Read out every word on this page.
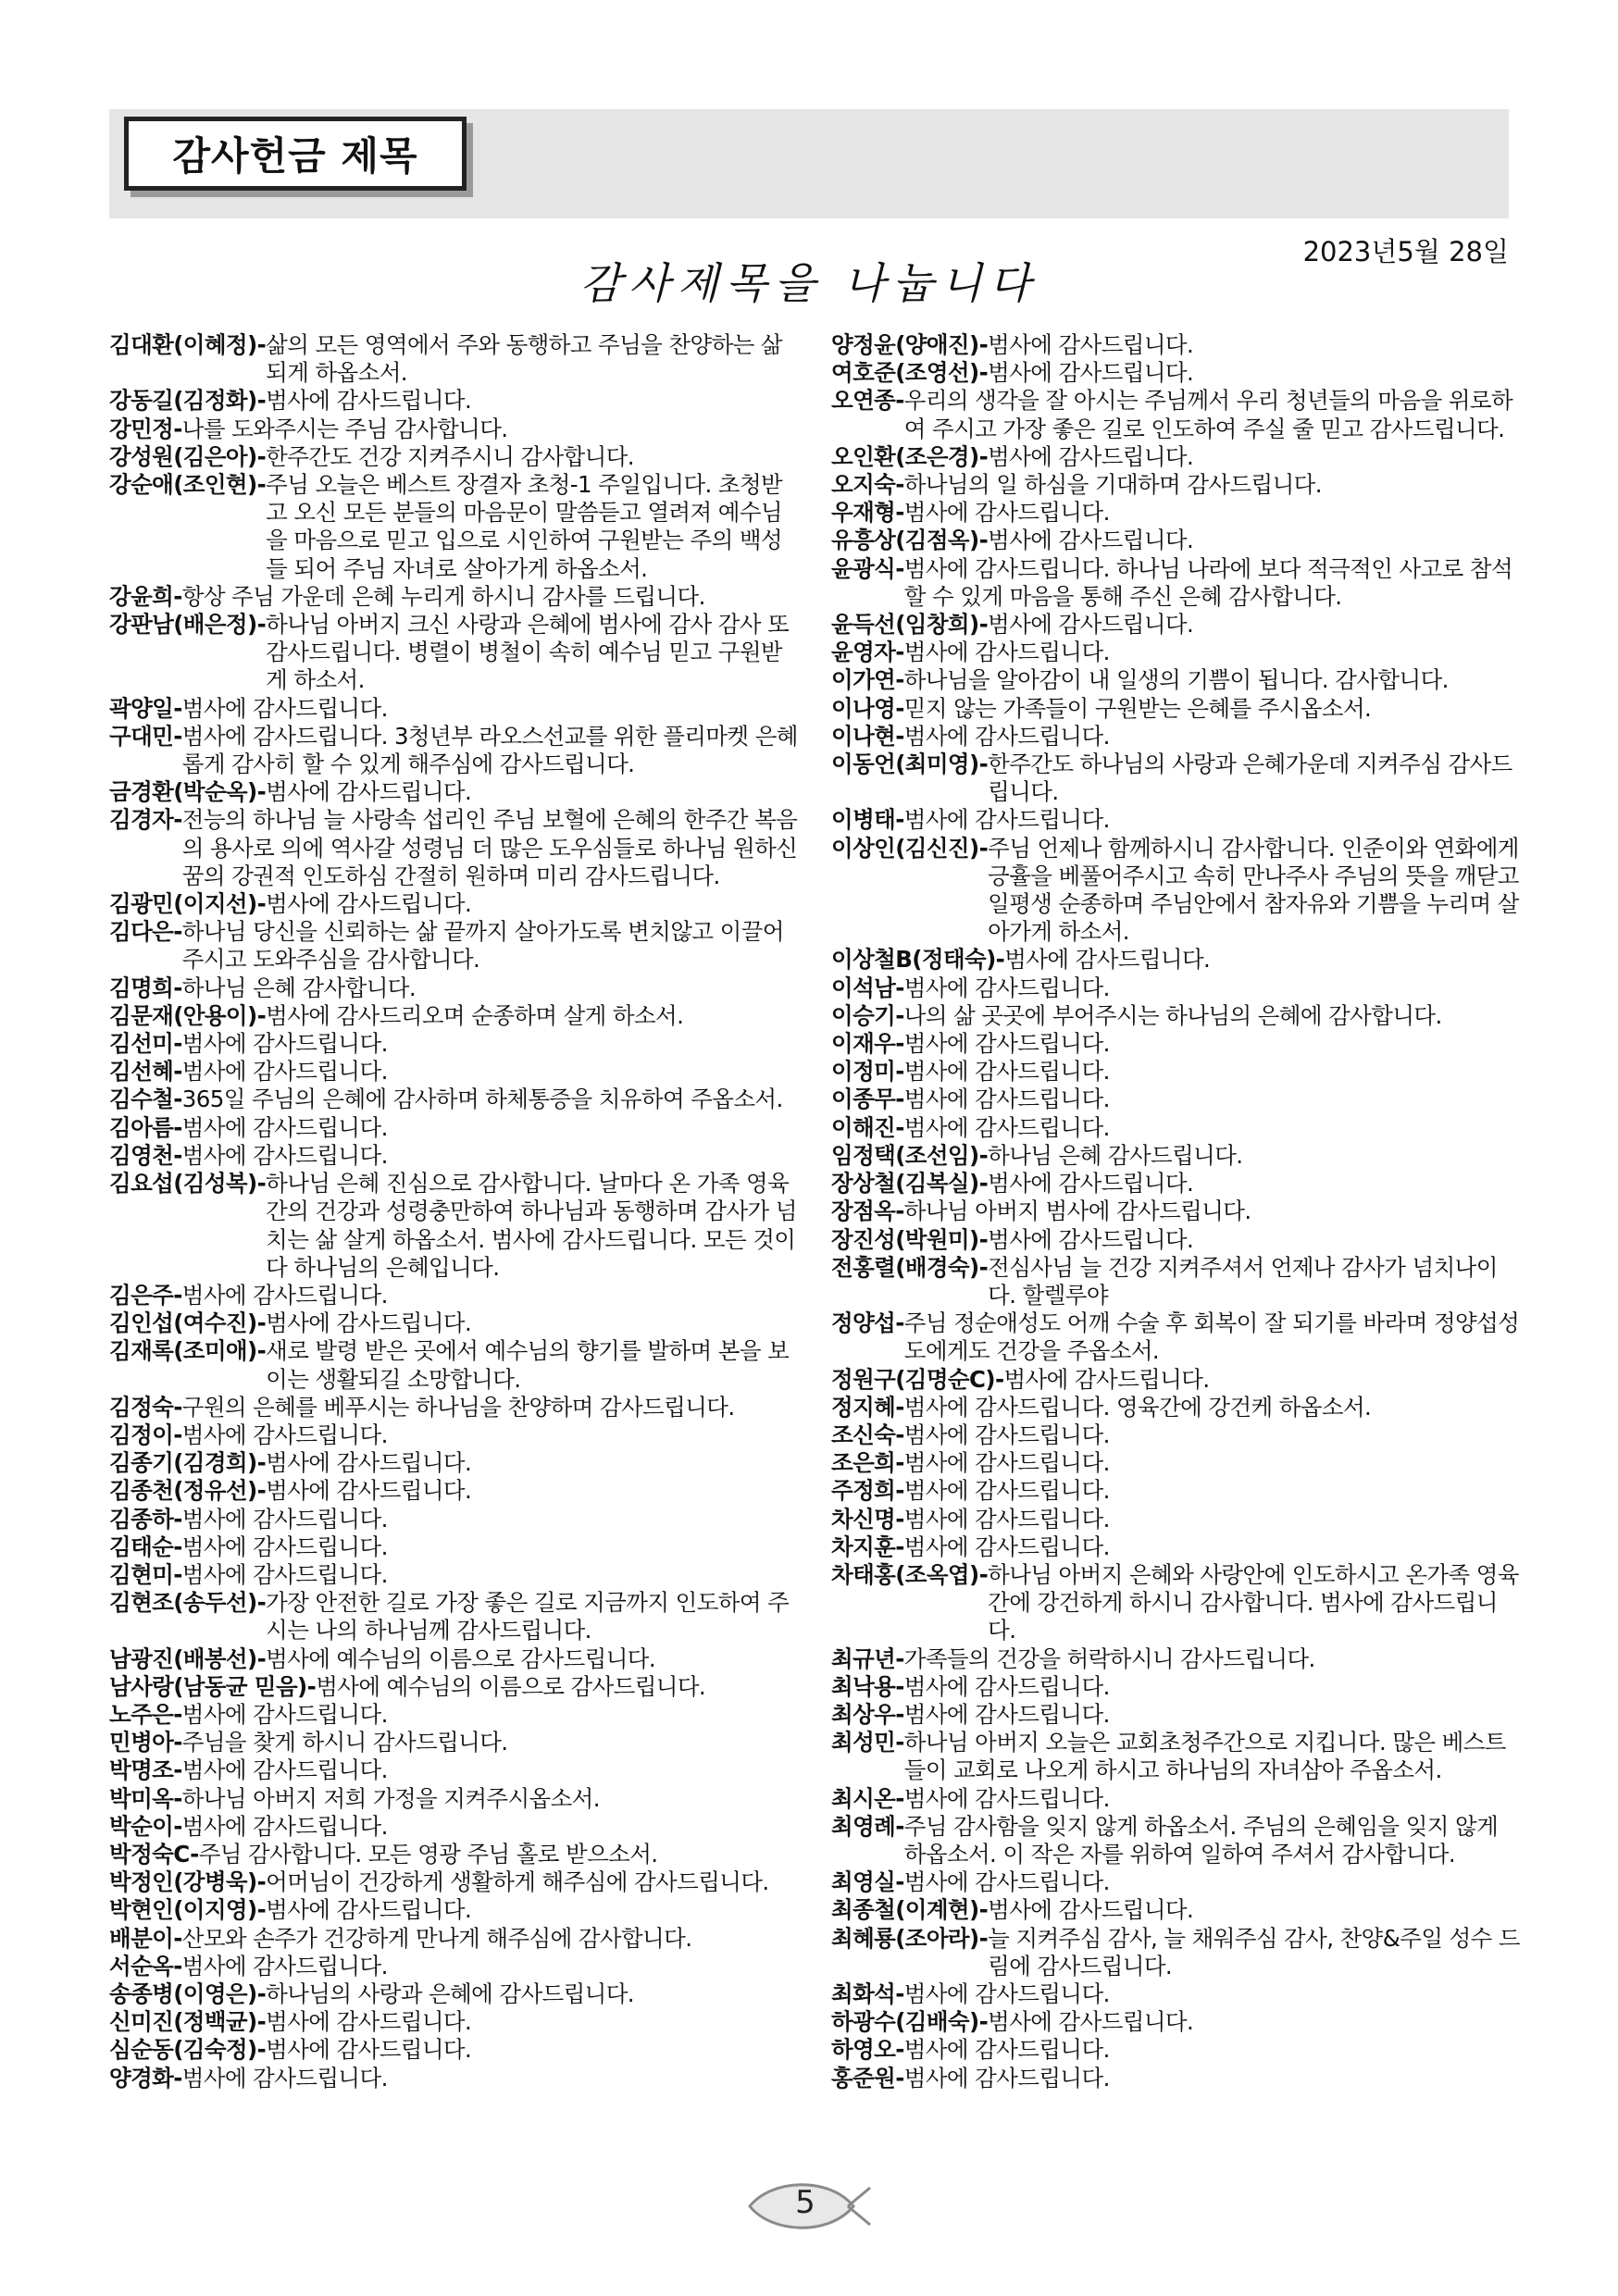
감사헌금 제목
2023년5월 28일
감사제목을 나눕니다
김대환(이혜정)- 삶의 모든 영역에서 주와 동행하고 주님을 찬양하는 삶 되게 하옵소서.
강동길(김정화)- 범사에 감사드립니다.
강민정- 나를 도와주시는 주님 감사합니다.
강성원(김은아)- 한주간도 건강 지켜주시니 감사합니다.
강순애(조인현)- 주님 오늘은 베스트 장결자 초청-1 주일입니다. 초청받고 오신 모든 분들의 마음문이 말씀듣고 열려져 예수님을 마음으로 믿고 입으로 시인하여 구원받는 주의 백성들 되어 주님 자녀로 살아가게 하옵소서.
강윤희- 항상 주님 가운데 은혜 누리게 하시니 감사를 드립니다.
강판남(배은정)- 하나님 아버지 크신 사랑과 은혜에 범사에 감사 감사 또 감사드립니다. 병렬이 병철이 속히 예수님 믿고 구원받게 하소서.
곽양일- 범사에 감사드립니다.
구대민- 범사에 감사드립니다. 3청년부 라오스선교를 위한 플리마켓 은혜롭게 감사히 할 수 있게 해주심에 감사드립니다.
금경환(박순옥)- 범사에 감사드립니다.
김경자- 전능의 하나님 늘 사랑속 섭리인 주님 보혈에 은혜의 한주간 복음의 용사로 의에 역사갈 성령님 더 많은 도우심들로 하나님 원하신 꿈의 강권적 인도하심 간절히 원하며 미리 감사드립니다.
김광민(이지선)- 범사에 감사드립니다.
김다은- 하나님 당신을 신뢰하는 삶 끝까지 살아가도록 변치않고 이끌어주시고 도와주심을 감사합니다.
김명희- 하나님 은혜 감사합니다.
김문재(안용이)- 범사에 감사드리오며 순종하며 살게 하소서.
김선미- 범사에 감사드립니다.
김선혜- 범사에 감사드립니다.
김수철- 365일 주님의 은혜에 감사하며 하체통증을 치유하여 주옵소서.
김아름- 범사에 감사드립니다.
김영천- 범사에 감사드립니다.
김요섭(김성복)- 하나님 은혜 진심으로 감사합니다. 날마다 온 가족 영육간의 건강과 성령충만하여 하나님과 동행하며 감사가 넘치는 삶 살게 하옵소서. 범사에 감사드립니다. 모든 것이 다 하나님의 은혜입니다.
김은주- 범사에 감사드립니다.
김인섭(여수진)- 범사에 감사드립니다.
김재록(조미애)- 새로 발령 받은 곳에서 예수님의 향기를 발하며 본을 보이는 생활되길 소망합니다.
김정숙- 구원의 은혜를 베푸시는 하나님을 찬양하며 감사드립니다.
김정이- 범사에 감사드립니다.
김종기(김경희)- 범사에 감사드립니다.
김종천(정유선)- 범사에 감사드립니다.
김종하- 범사에 감사드립니다.
김태순- 범사에 감사드립니다.
김현미- 범사에 감사드립니다.
김현조(송두선)- 가장 안전한 길로 가장 좋은 길로 지금까지 인도하여 주시는 나의 하나님께 감사드립니다.
남광진(배봉선)- 범사에 예수님의 이름으로 감사드립니다.
남사랑(남동균 믿음)- 범사에 예수님의 이름으로 감사드립니다.
노주은- 범사에 감사드립니다.
민병아- 주님을 찾게 하시니 감사드립니다.
박명조- 범사에 감사드립니다.
박미옥- 하나님 아버지 저희 가정을 지켜주시옵소서.
박순이- 범사에 감사드립니다.
박정숙C- 주님 감사합니다. 모든 영광 주님 홀로 받으소서.
박정인(강병욱)- 어머님이 건강하게 생활하게 해주심에 감사드립니다.
박현인(이지영)- 범사에 감사드립니다.
배분이- 산모와 손주가 건강하게 만나게 해주심에 감사합니다.
서순옥- 범사에 감사드립니다.
송종병(이영은)- 하나님의 사랑과 은혜에 감사드립니다.
신미진(정백균)- 범사에 감사드립니다.
심순동(김숙정)- 범사에 감사드립니다.
양경화- 범사에 감사드립니다.
양정윤(양애진)- 범사에 감사드립니다.
여호준(조영선)- 범사에 감사드립니다.
오연종- 우리의 생각을 잘 아시는 주님께서 우리 청년들의 마음을 위로하여 주시고 가장 좋은 길로 인도하여 주실 줄 믿고 감사드립니다.
오인환(조은경)- 범사에 감사드립니다.
오지숙- 하나님의 일 하심을 기대하며 감사드립니다.
우재형- 범사에 감사드립니다.
유흥상(김점옥)- 범사에 감사드립니다.
윤광식- 범사에 감사드립니다. 하나님 나라에 보다 적극적인 사고로 참석할 수 있게 마음을 통해 주신 은혜 감사합니다.
윤득선(임창희)- 범사에 감사드립니다.
윤영자- 범사에 감사드립니다.
이가연- 하나님을 알아감이 내 일생의 기쁨이 됩니다. 감사합니다.
이나영- 믿지 않는 가족들이 구원받는 은혜를 주시옵소서.
이나현- 범사에 감사드립니다.
이동언(최미영)- 한주간도 하나님의 사랑과 은혜가운데 지켜주심 감사드립니다.
이병태- 범사에 감사드립니다.
이상인(김신진)- 주님 언제나 함께하시니 감사합니다. 인준이와 연화에게 긍휼을 베풀어주시고 속히 만나주사 주님의 뜻을 깨닫고 일평생 순종하며 주님안에서 참자유와 기쁨을 누리며 살아가게 하소서.
이상철B(정태숙)- 범사에 감사드립니다.
이석남- 범사에 감사드립니다.
이승기- 나의 삶 곳곳에 부어주시는 하나님의 은혜에 감사합니다.
이재우- 범사에 감사드립니다.
이정미- 범사에 감사드립니다.
이종무- 범사에 감사드립니다.
이해진- 범사에 감사드립니다.
임정택(조선임)- 하나님 은혜 감사드립니다.
장상철(김복실)- 범사에 감사드립니다.
장점옥- 하나님 아버지 범사에 감사드립니다.
장진성(박원미)- 범사에 감사드립니다.
전홍렬(배경숙)- 전심사님 늘 건강 지켜주셔서 언제나 감사가 넘치나이다. 할렐루야
정양섭- 주님 정순애성도 어깨 수술 후 회복이 잘 되기를 바라며 정양섭성도에게도 건강을 주옵소서.
정원구(김명순C)- 범사에 감사드립니다.
정지혜- 범사에 감사드립니다. 영육간에 강건케 하옵소서.
조신숙- 범사에 감사드립니다.
조은희- 범사에 감사드립니다.
주정희- 범사에 감사드립니다.
차신명- 범사에 감사드립니다.
차지훈- 범사에 감사드립니다.
차태홍(조옥엽)- 하나님 아버지 은혜와 사랑안에 인도하시고 온가족 영육간에 강건하게 하시니 감사합니다. 범사에 감사드립니다.
최규년- 가족들의 건강을 허락하시니 감사드립니다.
최낙용- 범사에 감사드립니다.
최상우- 범사에 감사드립니다.
최성민- 하나님 아버지 오늘은 교회초청주간으로 지킵니다. 많은 베스트들이 교회로 나오게 하시고 하나님의 자녀삼아 주옵소서.
최시온- 범사에 감사드립니다.
최영례- 주님 감사함을 잊지 않게 하옵소서. 주님의 은혜임을 잊지 않게 하옵소서. 이 작은 자를 위하여 일하여 주셔서 감사합니다.
최영실- 범사에 감사드립니다.
최종철(이계현)- 범사에 감사드립니다.
최혜룡(조아라)- 늘 지켜주심 감사, 늘 채워주심 감사, 찬양&주일 성수 드림에 감사드립니다.
최화석- 범사에 감사드립니다.
하광수(김배숙)- 범사에 감사드립니다.
하영오- 범사에 감사드립니다.
홍준원- 범사에 감사드립니다.
5
